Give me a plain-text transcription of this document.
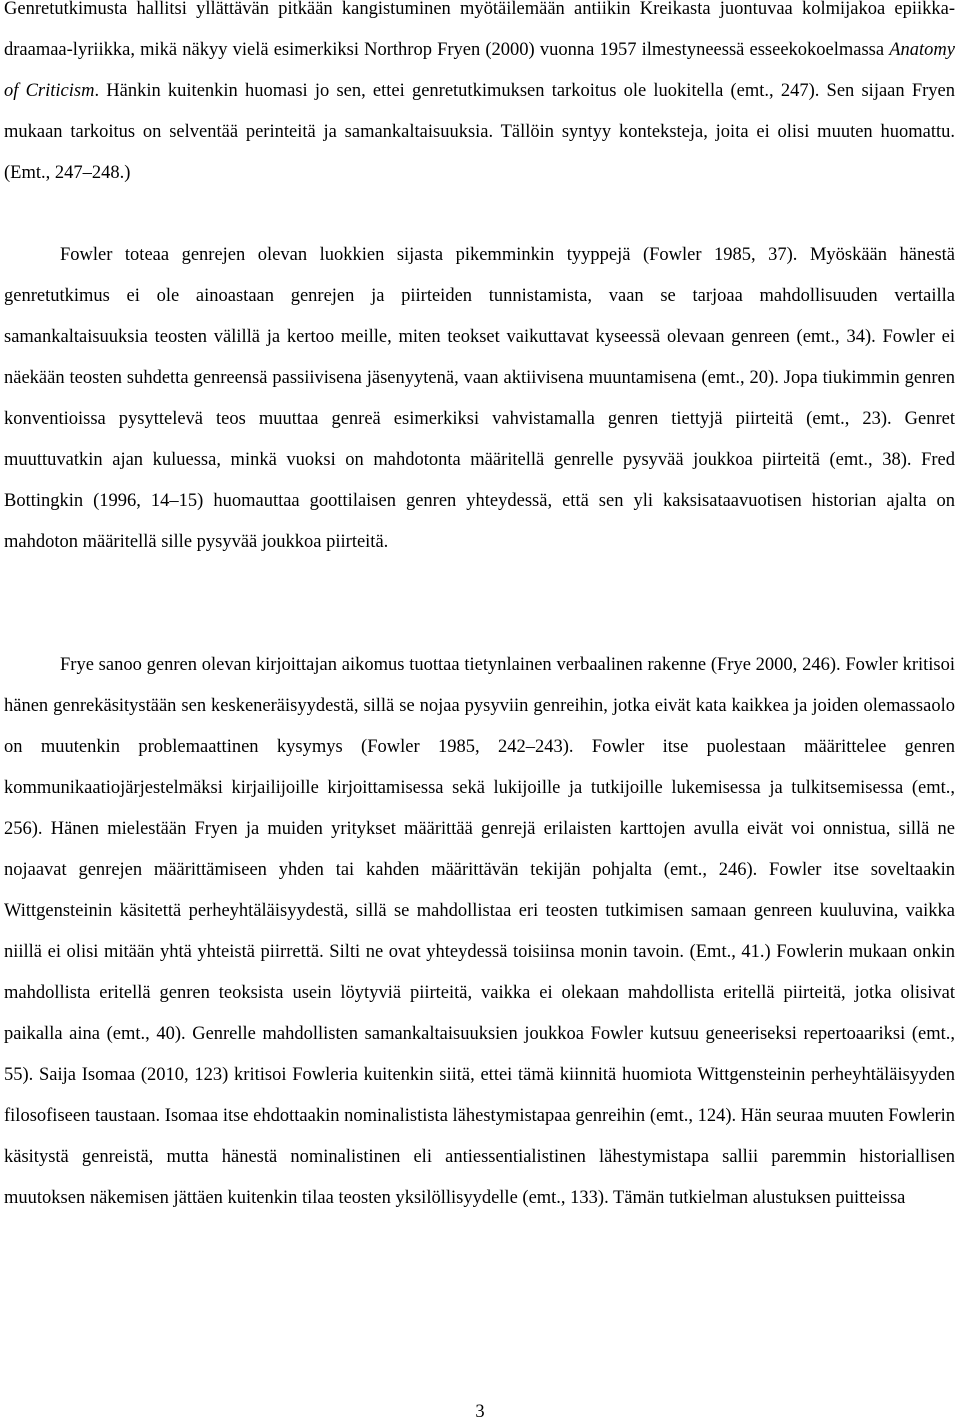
Genretutkimusta hallitsi yllättävän pitkään kangistuminen myötäilemään antiikin Kreikasta juontuvaa kolmijakoa epiikka-draamaa-lyriikka, mikä näkyy vielä esimerkiksi Northrop Fryen (2000) vuonna 1957 ilmestyneessä esseekokoelmassa Anatomy of Criticism. Hänkin kuitenkin huomasi jo sen, ettei genretutkimuksen tarkoitus ole luokitella (emt., 247). Sen sijaan Fryen mukaan tarkoitus on selventää perinteitä ja samankaltaisuuksia. Tällöin syntyy konteksteja, joita ei olisi muuten huomattu. (Emt., 247–248.)

Fowler toteaa genrejen olevan luokkien sijasta pikemminkin tyyppejä (Fowler 1985, 37). Myöskään hänestä genretutkimus ei ole ainoastaan genrejen ja piirteiden tunnistamista, vaan se tarjoaa mahdollisuuden vertailla samankaltaisuuksia teosten välillä ja kertoo meille, miten teokset vaikuttavat kyseessä olevaan genreen (emt., 34). Fowler ei näekään teosten suhdetta genreensä passiivisena jäsenyytenä, vaan aktiivisena muuntamisena (emt., 20). Jopa tiukimmin genren konventioissa pysyttelevä teos muuttaa genreä esimerkiksi vahvistamalla genren tiettyjä piirteitä (emt., 23). Genret muuttuvatkin ajan kuluessa, minkä vuoksi on mahdotonta määritellä genrelle pysyvää joukkoa piirteitä (emt., 38). Fred Bottingkin (1996, 14–15) huomauttaa goottilaisen genren yhteydessä, että sen yli kaksisataavuotisen historian ajalta on mahdoton määritellä sille pysyvää joukkoa piirteitä.

Frye sanoo genren olevan kirjoittajan aikomus tuottaa tietynlainen verbaalinen rakenne (Frye 2000, 246). Fowler kritisoi hänen genrekäsitystään sen keskeneräisyydestä, sillä se nojaa pysyviin genreihin, jotka eivät kata kaikkea ja joiden olemassaolo on muutenkin problemaattinen kysymys (Fowler 1985, 242–243). Fowler itse puolestaan määrittelee genren kommunikaatiojärjestelmäksi kirjailijoille kirjoittamisessa sekä lukijoille ja tutkijoille lukemisessa ja tulkitsemisessa (emt., 256). Hänen mielestään Fryen ja muiden yritykset määrittää genrejä erilaisten karttojen avulla eivät voi onnistua, sillä ne nojaavat genrejen määrittämiseen yhden tai kahden määrittävän tekijän pohjalta (emt., 246). Fowler itse soveltaakin Wittgensteinin käsitettä perheyhtäläisyydestä, sillä se mahdollistaa eri teosten tutkimisen samaan genreen kuuluvina, vaikka niillä ei olisi mitään yhtä yhteistä piirrettä. Silti ne ovat yhteydessä toisiinsa monin tavoin. (Emt., 41.) Fowlerin mukaan onkin mahdollista eritellä genren teoksista usein löytyviä piirteitä, vaikka ei olekaan mahdollista eritellä piirteitä, jotka olisivat paikalla aina (emt., 40). Genrelle mahdollisten samankaltaisuuksien joukkoa Fowler kutsuu geneeriseksi repertoaariksi (emt., 55). Saija Isomaa (2010, 123) kritisoi Fowleria kuitenkin siitä, ettei tämä kiinnitä huomiota Wittgensteinin perheyhtäläisyyden filosofiseen taustaan. Isomaa itse ehdottaakin nominalistista lähestymistapaa genreihin (emt., 124). Hän seuraa muuten Fowlerin käsitystä genreistä, mutta hänestä nominalistinen eli antiessentialistinen lähestymistapa sallii paremmin historiallisen muutoksen näkemisen jättäen kuitenkin tilaa teosten yksilöllisyydelle (emt., 133). Tämän tutkielman alustuksen puitteissa

3
